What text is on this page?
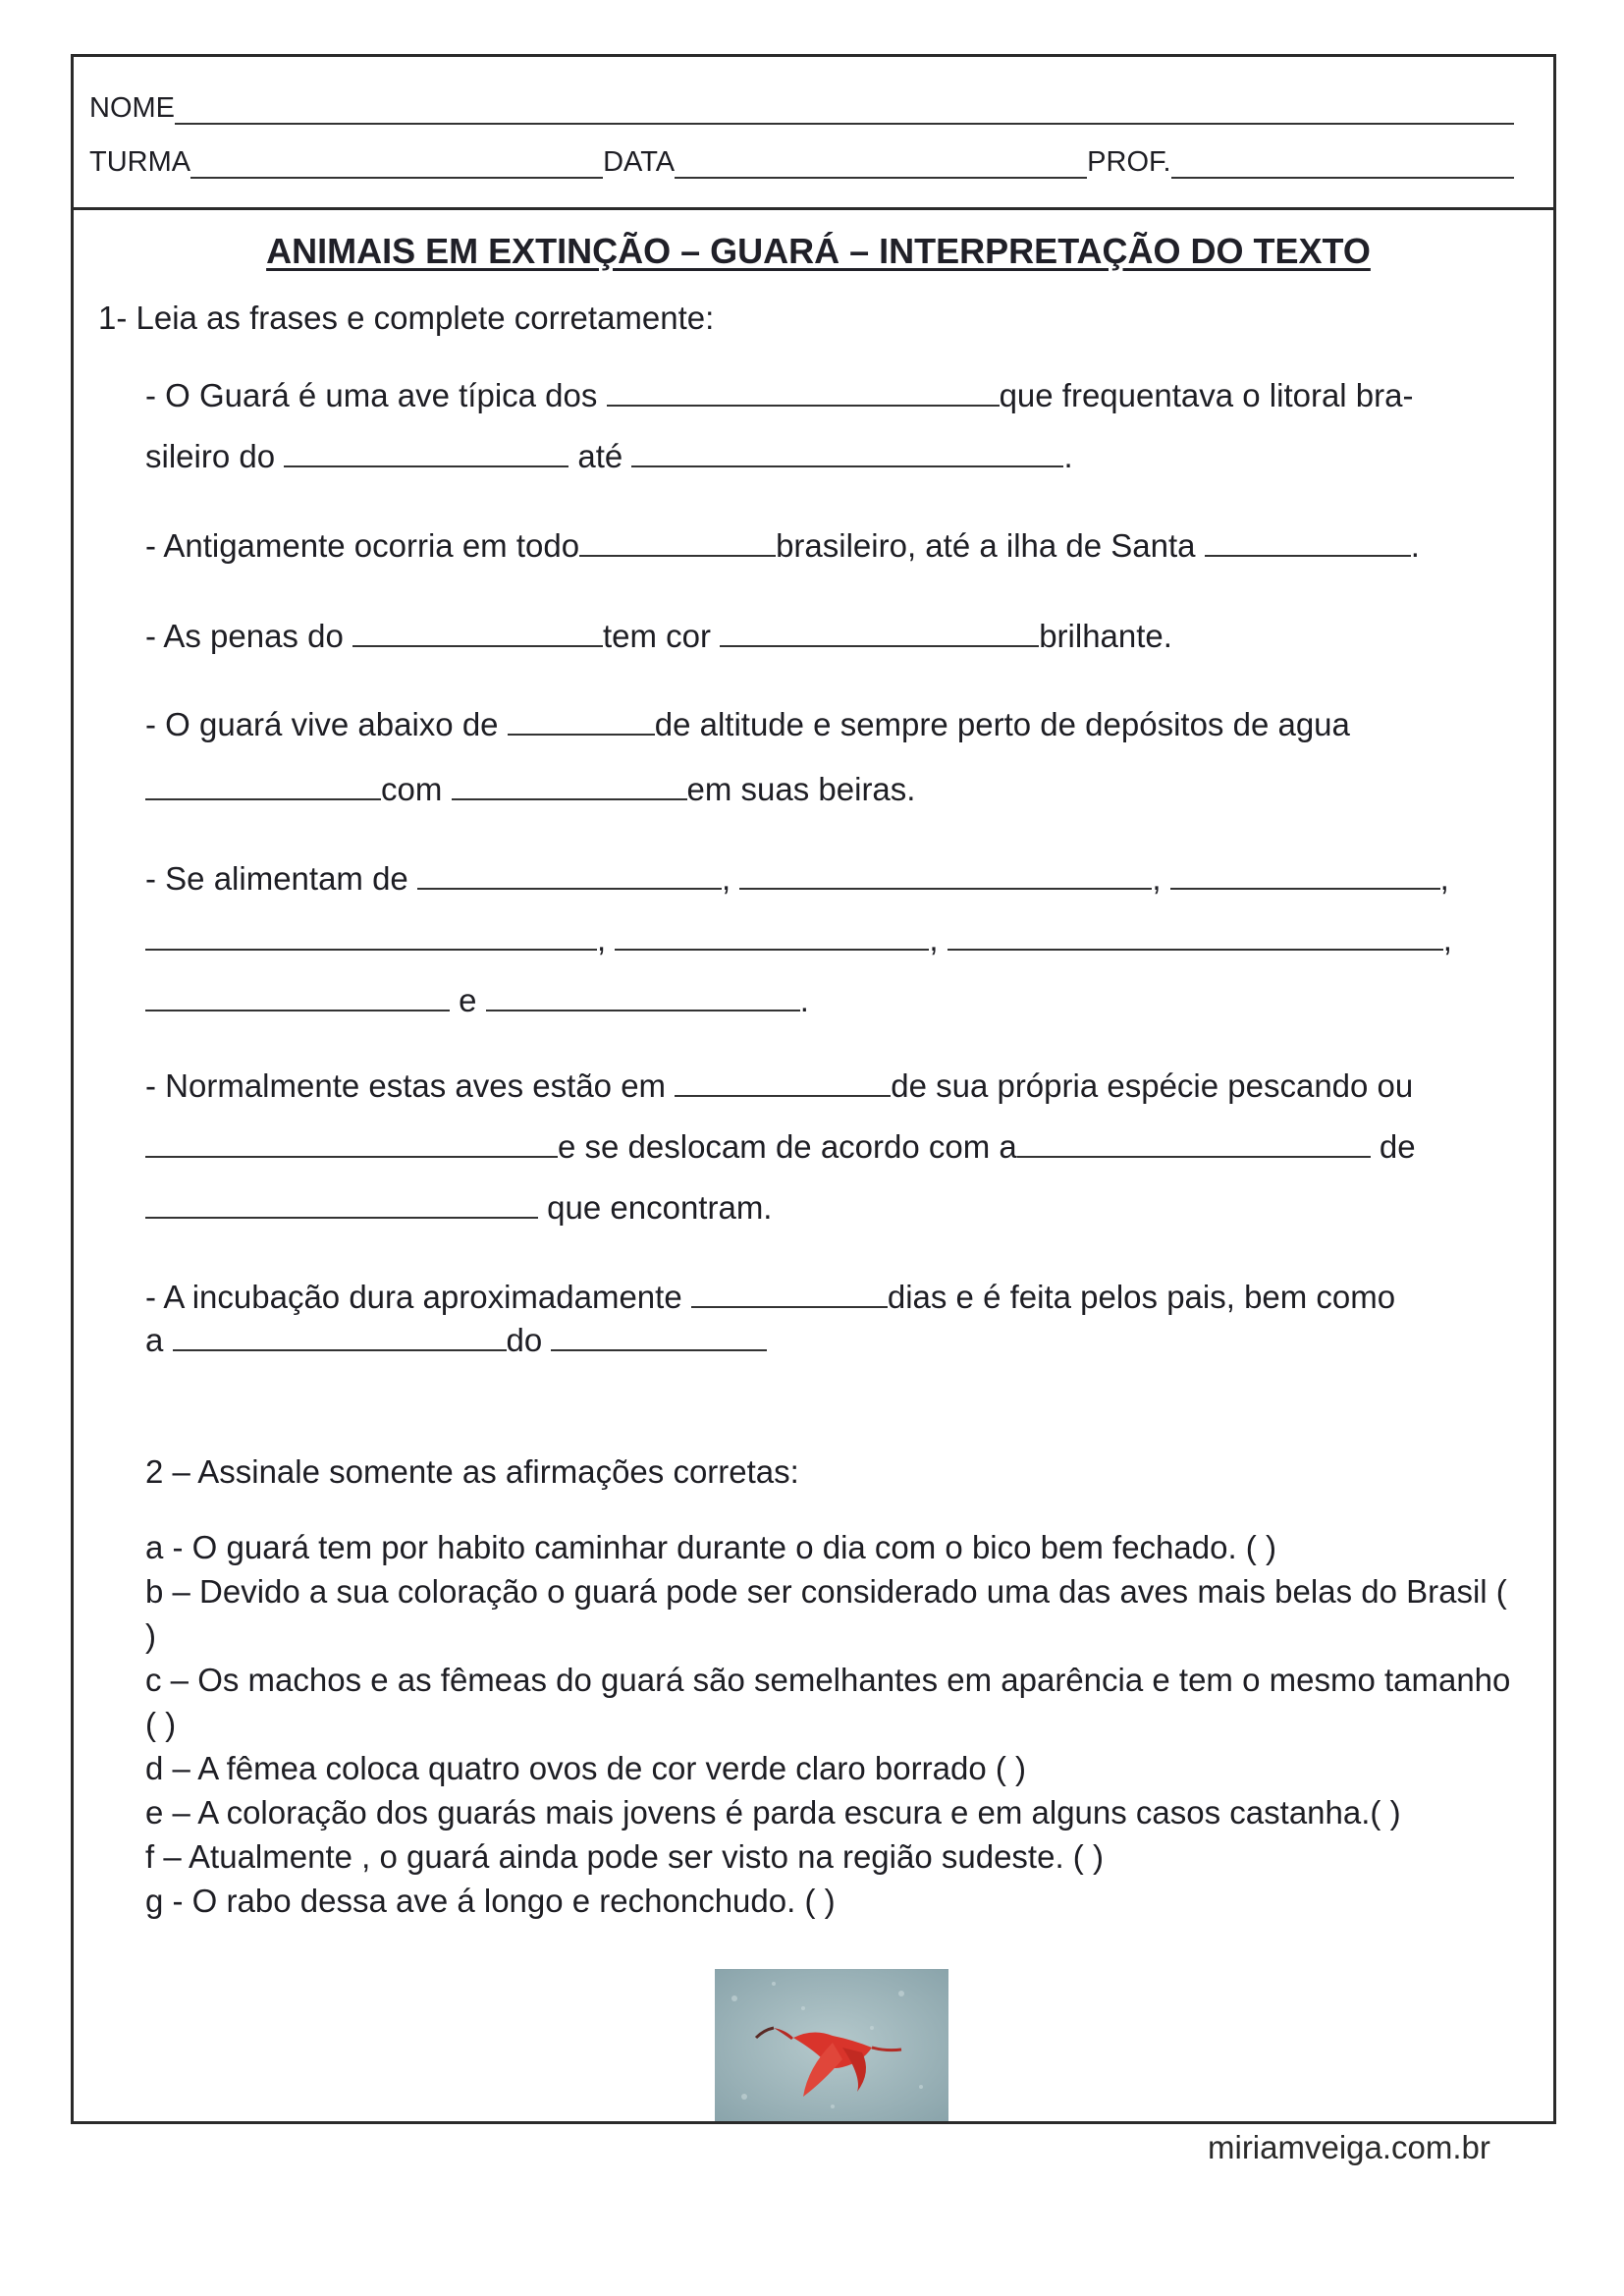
NOME
TURMA	DATA	PROF.
ANIMAIS EM EXTINÇÃO – GUARÁ – INTERPRETAÇÃO DO TEXTO
1- Leia as frases e complete corretamente:
- O Guará é uma ave típica dos	que frequentava o litoral bra-
sileiro do	até	.
- Antigamente ocorria em todo	brasileiro, até a ilha de Santa	.
- As penas do	tem cor	brilhante.
- O guará vive abaixo de	de altitude e sempre perto de depósitos de agua
com	em suas beiras.
- Se alimentam de	,	,	,
,	,	,
e	.
- Normalmente estas aves estão em	de sua própria espécie pescando ou
e se deslocam de acordo com a	de
que encontram.
- A incubação dura aproximadamente	dias e é feita pelos pais, bem como
a	do
2 – Assinale somente as afirmações corretas:

a - O guará tem por habito caminhar durante o dia com o bico bem fechado. ( )

b – Devido a sua coloração o guará pode ser considerado uma das aves mais belas do Brasil ( )

c – Os machos e as fêmeas do guará são semelhantes em aparência e tem o mesmo tamanho ( )

d – A fêmea coloca quatro ovos de cor verde claro borrado ( )

e – A coloração dos guarás mais jovens é parda escura e em alguns casos castanha.( )

f – Atualmente , o guará ainda pode ser visto na região sudeste. ( )

g - O rabo dessa ave á longo e rechonchudo. ( )

miriamveiga.com.br
